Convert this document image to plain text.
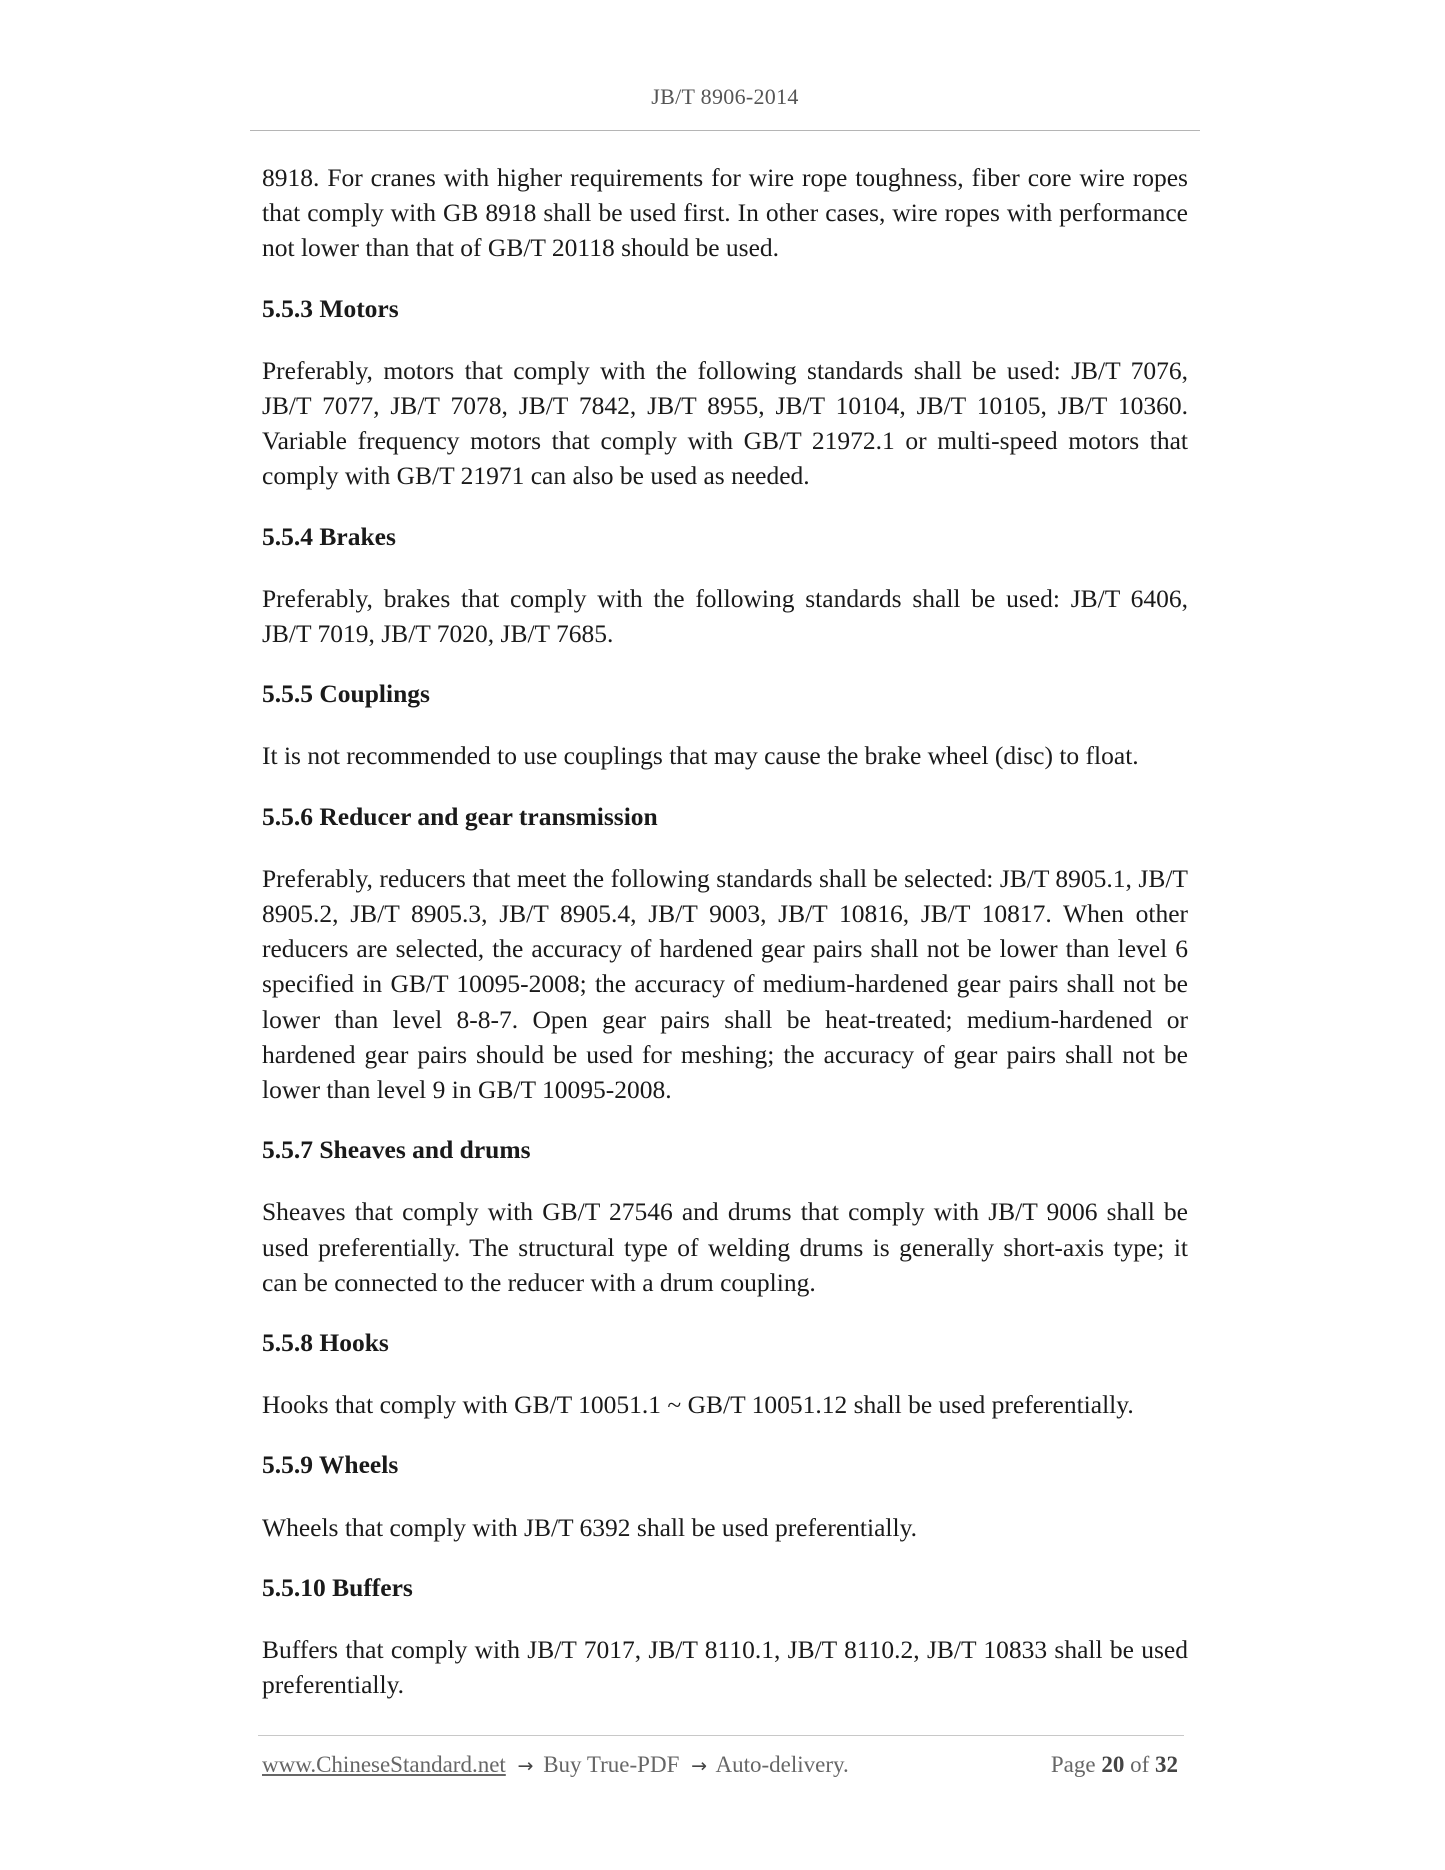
JB/T 8906-2014

8918. For cranes with higher requirements for wire rope toughness, fiber core wire ropes that comply with GB 8918 shall be used first. In other cases, wire ropes with performance not lower than that of GB/T 20118 should be used.

5.5.3 Motors

Preferably, motors that comply with the following standards shall be used: JB/T 7076, JB/T 7077, JB/T 7078, JB/T 7842, JB/T 8955, JB/T 10104, JB/T 10105, JB/T 10360. Variable frequency motors that comply with GB/T 21972.1 or multi-speed motors that comply with GB/T 21971 can also be used as needed.

5.5.4 Brakes

Preferably, brakes that comply with the following standards shall be used: JB/T 6406, JB/T 7019, JB/T 7020, JB/T 7685.

5.5.5 Couplings

It is not recommended to use couplings that may cause the brake wheel (disc) to float.

5.5.6 Reducer and gear transmission

Preferably, reducers that meet the following standards shall be selected: JB/T 8905.1, JB/T 8905.2, JB/T 8905.3, JB/T 8905.4, JB/T 9003, JB/T 10816, JB/T 10817. When other reducers are selected, the accuracy of hardened gear pairs shall not be lower than level 6 specified in GB/T 10095-2008; the accuracy of medium-hardened gear pairs shall not be lower than level 8-8-7. Open gear pairs shall be heat-treated; medium-hardened or hardened gear pairs should be used for meshing; the accuracy of gear pairs shall not be lower than level 9 in GB/T 10095-2008.

5.5.7 Sheaves and drums

Sheaves that comply with GB/T 27546 and drums that comply with JB/T 9006 shall be used preferentially. The structural type of welding drums is generally short-axis type; it can be connected to the reducer with a drum coupling.

5.5.8 Hooks

Hooks that comply with GB/T 10051.1 ~ GB/T 10051.12 shall be used preferentially.

5.5.9 Wheels

Wheels that comply with JB/T 6392 shall be used preferentially.

5.5.10 Buffers

Buffers that comply with JB/T 7017, JB/T 8110.1, JB/T 8110.2, JB/T 10833 shall be used preferentially.

www.ChineseStandard.net → Buy True-PDF → Auto-delivery.	Page 20 of 32
